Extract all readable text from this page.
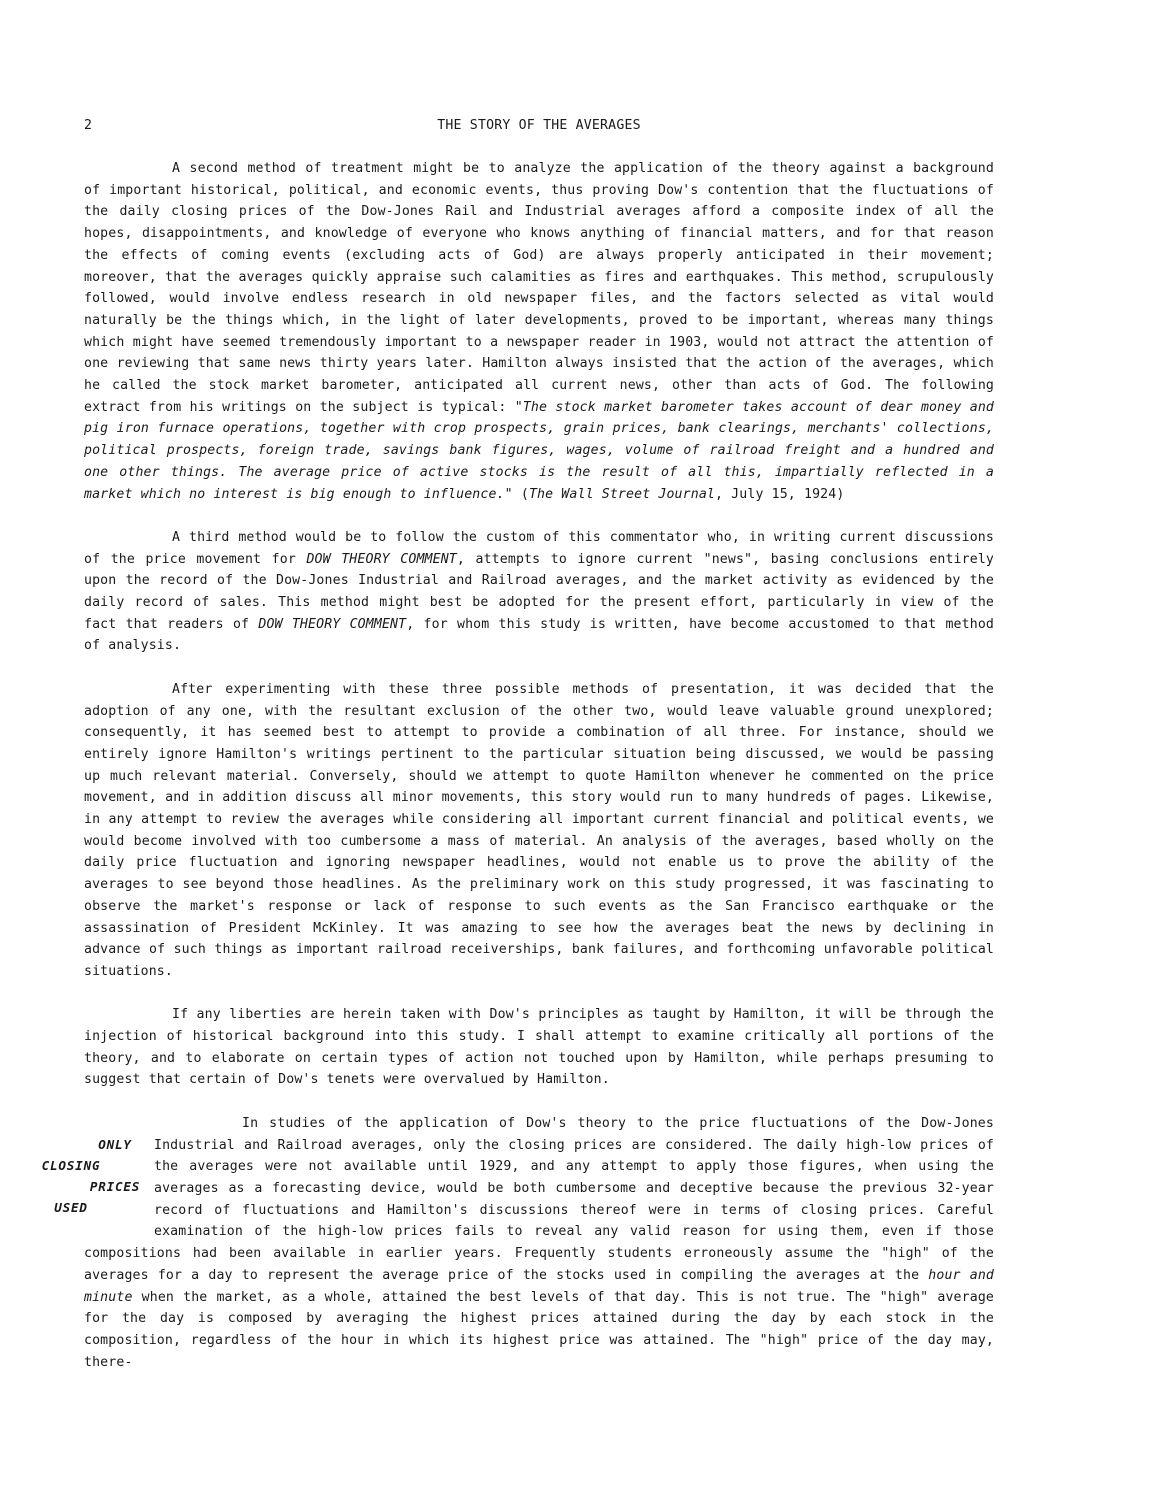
2	THE STORY OF THE AVERAGES

A second method of treatment might be to analyze the application of the theory against a background of important historical, political, and economic events, thus proving Dow's contention that the fluctuations of the daily closing prices of the Dow-Jones Rail and Industrial averages afford a composite index of all the hopes, disappointments, and knowledge of everyone who knows anything of financial matters, and for that reason the effects of coming events (excluding acts of God) are always properly anticipated in their movement; moreover, that the averages quickly appraise such calamities as fires and earthquakes. This method, scrupulously followed, would involve endless research in old newspaper files, and the factors selected as vital would naturally be the things which, in the light of later developments, proved to be important, whereas many things which might have seemed tremendously important to a newspaper reader in 1903, would not attract the attention of one reviewing that same news thirty years later. Hamilton always insisted that the action of the averages, which he called the stock market barometer, anticipated all current news, other than acts of God. The following extract from his writings on the subject is typical: "The stock market barometer takes account of dear money and pig iron furnace operations, together with crop prospects, grain prices, bank clearings, merchants' collections, political prospects, foreign trade, savings bank figures, wages, volume of railroad freight and a hundred and one other things. The average price of active stocks is the result of all this, impartially reflected in a market which no interest is big enough to influence." (The Wall Street Journal, July 15, 1924)

A third method would be to follow the custom of this commentator who, in writing current discussions of the price movement for DOW THEORY COMMENT, attempts to ignore current "news", basing conclusions entirely upon the record of the Dow-Jones Industrial and Railroad averages, and the market activity as evidenced by the daily record of sales. This method might best be adopted for the present effort, particularly in view of the fact that readers of DOW THEORY COMMENT, for whom this study is written, have become accustomed to that method of analysis.

After experimenting with these three possible methods of presentation, it was decided that the adoption of any one, with the resultant exclusion of the other two, would leave valuable ground unexplored; consequently, it has seemed best to attempt to provide a combination of all three. For instance, should we entirely ignore Hamilton's writings pertinent to the particular situation being discussed, we would be passing up much relevant material. Conversely, should we attempt to quote Hamilton whenever he commented on the price movement, and in addition discuss all minor movements, this story would run to many hundreds of pages. Likewise, in any attempt to review the averages while considering all important current financial and political events, we would become involved with too cumbersome a mass of material. An analysis of the averages, based wholly on the daily price fluctuation and ignoring newspaper headlines, would not enable us to prove the ability of the averages to see beyond those headlines. As the preliminary work on this study progressed, it was fascinating to observe the market's response or lack of response to such events as the San Francisco earthquake or the assassination of President McKinley. It was amazing to see how the averages beat the news by declining in advance of such things as important railroad receiverships, bank failures, and forthcoming unfavorable political situations.

If any liberties are herein taken with Dow's principles as taught by Hamilton, it will be through the injection of historical background into this study. I shall attempt to examine critically all portions of the theory, and to elaborate on certain types of action not touched upon by Hamilton, while perhaps presuming to suggest that certain of Dow's tenets were overvalued by Hamilton.

ONLY CLOSING
PRICES USED
In studies of the application of Dow's theory to the price fluctuations of the Dow-Jones Industrial and Railroad averages, only the closing prices are considered. The daily high-low prices of the averages were not available until 1929, and any attempt to apply those figures, when using the averages as a forecasting device, would be both cumbersome and deceptive because the previous 32-year record of fluctuations and Hamilton's discussions thereof were in terms of closing prices. Careful examination of the high-low prices fails to reveal any valid reason for using them, even if those compositions had been available in earlier years. Frequently students erroneously assume the "high" of the averages for a day to represent the average price of the stocks used in compiling the averages at the hour and minute when the market, as a whole, attained the best levels of that day. This is not true. The "high" average for the day is composed by averaging the highest prices attained during the day by each stock in the composition, regardless of the hour in which its highest price was attained. The "high" price of the day may, there-
